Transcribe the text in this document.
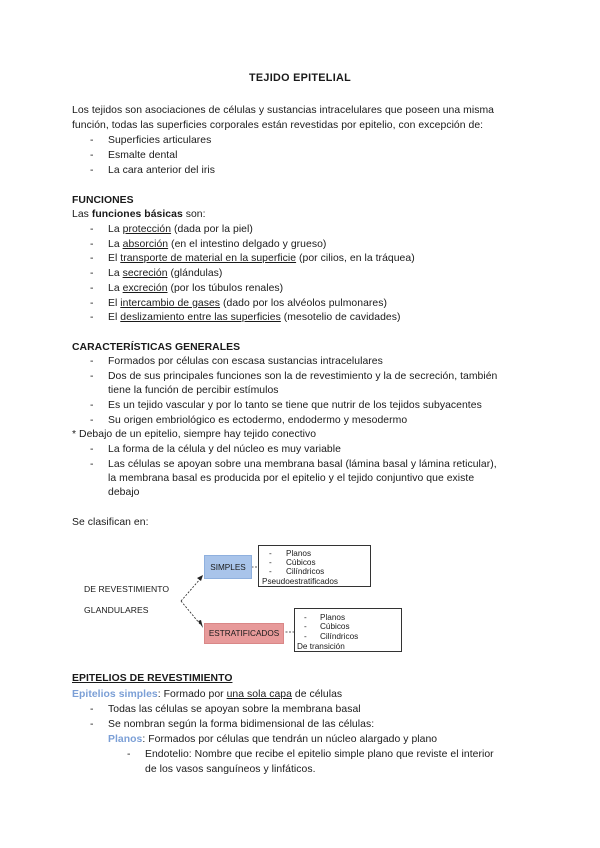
TEJIDO EPITELIAL
Los tejidos son asociaciones de células y sustancias intracelulares que poseen una misma
función, todas las superficies corporales están revestidas por epitelio, con excepción de:
- Superficies articulares
- Esmalte dental
- La cara anterior del iris
FUNCIONES
Las funciones básicas son:
- La protección (dada por la piel)
- La absorción (en el intestino delgado y grueso)
- El transporte de material en la superficie (por cilios, en la tráquea)
- La secreción (glándulas)
- La excreción (por los túbulos renales)
- El intercambio de gases (dado por los alvéolos pulmonares)
- El deslizamiento entre las superficies (mesotelio de cavidades)
CARACTERÍSTICAS GENERALES
- Formados por células con escasa sustancias intracelulares
- Dos de sus principales funciones son la de revestimiento y la de secreción, también
tiene la función de percibir estímulos
- Es un tejido vascular y por lo tanto se tiene que nutrir de los tejidos subyacentes
- Su origen embriológico es ectodermo, endodermo y mesodermo
* Debajo de un epitelio, siempre hay tejido conectivo
- La forma de la célula y del núcleo es muy variable
- Las células se apoyan sobre una membrana basal (lámina basal y lámina reticular),
la membrana basal es producida por el epitelio y el tejido conjuntivo que existe
debajo
Se clasifican en:
DE REVESTIMIENTO
GLANDULARES
SIMPLES
- Planos
- Cúbicos
- Cilíndricos
Pseudoestratificados
ESTRATIFICADOS
- Planos
- Cúbicos
- Cilíndricos
De transición
EPITELIOS DE REVESTIMIENTO
Epitelios simples: Formado por una sola capa de células
- Todas las células se apoyan sobre la membrana basal
- Se nombran según la forma bidimensional de las células:
Planos: Formados por células que tendrán un núcleo alargado y plano
- Endotelio: Nombre que recibe el epitelio simple plano que reviste el interior
de los vasos sanguíneos y linfáticos.
